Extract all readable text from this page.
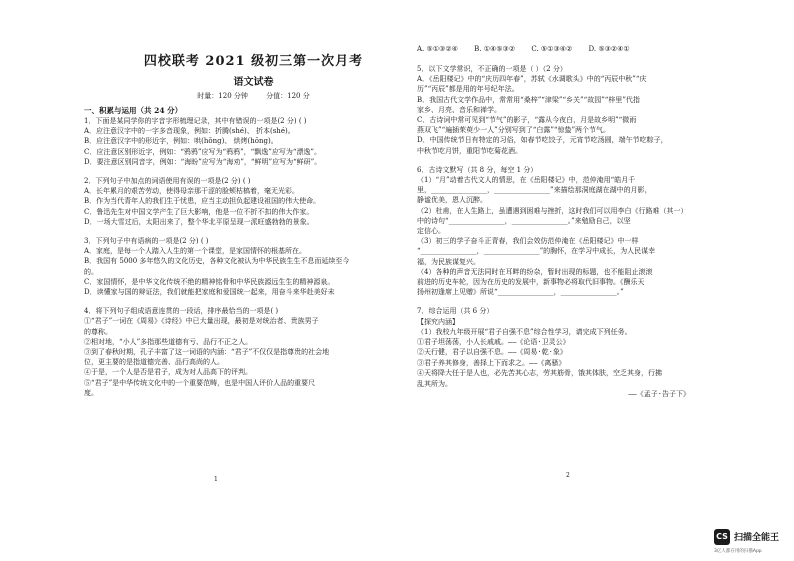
四校联考 2021 级初三第一次月考
语文试卷
时量：120 分钟	分值：120 分
一、积累与运用（共 24 分）
1．下面是某同学你的字音字形梳理记录，其中有错误的一项是(2 分) ( )
A．应注意汉字中的一字多音现象，例如：折腾(shé)、 折本(shé)。
B．应注意汉字中的形近字，例如：哄(hǒng)、 烘烤(hōng)。
C．应注意区别形近字，例如：“鸦鸦”应写为“鸦鸦”，“飘逸”应写为“漂逸”。
D．要注意区别同音字，例如：“海盼”应写为“海劝”，“鲜明”应写为“鲜研”。
2．下列句子中加点的词语使用有误的一项是(2 分) ( )
A．长年累月的艰苦劳动，使得母亲那干涩的脸颊枯槁着，毫无光彩。
B．作为当代青年人的我们生于忧患，应当主动担负起建设祖国的伟大使命。
C．鲁迅先生对中国文学产生了巨大影响，他是一位不折不扣的伟大作家。
D．一场大雪过后，太阳出来了，整个华北平原呈现一派旺盛勃勃的景象。
3．下列句子中有语病的一项是(2 分) ( )
A．家庭，是每一个人踏入人生的第一个课堂，是家国情怀的根基所在。
B．我国有 5000 多年悠久的文化历史，各种文化被认为中华民族生生不息而延续至今
的。
C．家国情怀，是中华文化传统不绝的精神铭骨和中华民族源远生生的精神源泉。
D．读懂家与国的辩证法，我们就能把家庭和爱国统一起来，用奋斗来华赴美好未
4．将下列句子组成语意连贯的一段话，排序最恰当的一项是( )
①“君子”一词在《周易》《诗经》中已大量出现，最初是对统治者、贵族男子
的尊称。
②相对地，“小人”多指那些道德有亏、品行不正之人。
③到了春秋时期，孔子丰富了这一词语的内涵：“君子”不仅仅是指尊贵的社会地
位，更主要的是指道德完善、品行高尚的人。
④于是，一个人是否是君子，成为对人品高下的评判。
⑤“君子”是中华传统文化中的一个重要范畴，也是中国人评价人品的重要尺
度。
1
A. ⑤①③②④ B. ①④⑤③② C. ⑤①③④② D. ⑤③②④①
5．以下文学常识，不正确的一项是（ ）（2 分）
A．《岳阳楼记》中的“庆历四年春”，苏轼《水调歌头》中的“丙辰中秋”“庆
历”“丙辰”都是用的年号纪年法。
B．我国古代文学作品中，常常用“桑梓”“津梁”“乡关”“故园”“梓里”代指
家乡、月亮、音乐和禅学。
C．古诗词中常可见到“节气”的影子，“露从今夜白，月是故乡明”“微雨
燕双飞”“遍插茱萸少一人”分别写到了“白露”“惊蛰”两个节气。
D．中国传统节日有特定的习俗，如春节吃饺子，元宵节吃汤圆，端午节吃粽子，
中秋节吃月饼，重阳节吃菊花酒。
6．古诗文默写（共 8 分，每空 1 分）
（1）“月”动着古代文人的情思，在《岳阳楼记》中，范仲淹用“皓月千
里，________________，________________”来描绘那洞庭湖在湖中的月影，
静谧优美，恩人沉醉。
（2）杜甫，在人生路上，虽遭遇到困难与挫折，这时我们可以用李白《行路难（其一）
中的诗句“________________，________________。”来勉励自己，以坚
定信心。
（3）初三的学子奋斗正青春，我们会效仿范仲淹在《岳阳楼记》中一样
“________________，________________”的胸怀，在学习中成长，为人民谋幸
福，为民族谋复兴。
（4）各种的声音无法同时在耳畔的纷杂，暂时出现的标题，也不能阻止滚滚
前进的历史车轮，因为在历史的发展中，新事物必将取代旧事物。《酬乐天
扬州初逢席上见赠》所说“________________，________________。”
7．综合运用（共 6 分）
【探究内涵】
（1）我校九年级开展“君子自强不息”综合性学习，请完成下列任务。
①君子坦荡荡，小人长戚戚。——《论语·卫灵公》
②天行健，君子以自强不息。——《周易·乾·象》
③君子养其修身，善择上下而求之。——《离骚》
④天将降大任于是人也，必先苦其心志，劳其筋骨，饿其体肤，空乏其身，行拂
乱其所为。
——《孟子·告子下》
2
CS 扫描全能王
3亿人都在用的扫描App
